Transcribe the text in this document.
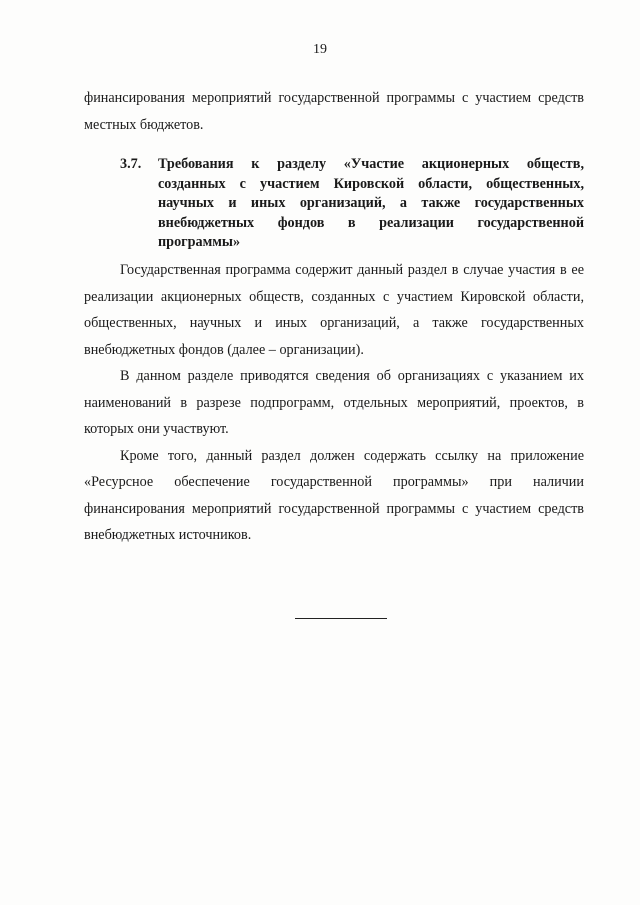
19

финансирования мероприятий государственной программы с участием средств местных бюджетов.

3.7. Требования к разделу «Участие акционерных обществ, созданных с участием Кировской области, общественных, научных и иных организаций, а также государственных внебюджетных фондов в реализации государственной программы»

Государственная программа содержит данный раздел в случае участия в ее реализации акционерных обществ, созданных с участием Кировской области, общественных, научных и иных организаций, а также государственных внебюджетных фондов (далее – организации).

В данном разделе приводятся сведения об организациях с указанием их наименований в разрезе подпрограмм, отдельных мероприятий, проектов, в которых они участвуют.

Кроме того, данный раздел должен содержать ссылку на приложение «Ресурсное обеспечение государственной программы» при наличии финансирования мероприятий государственной программы с участием средств внебюджетных источников.
